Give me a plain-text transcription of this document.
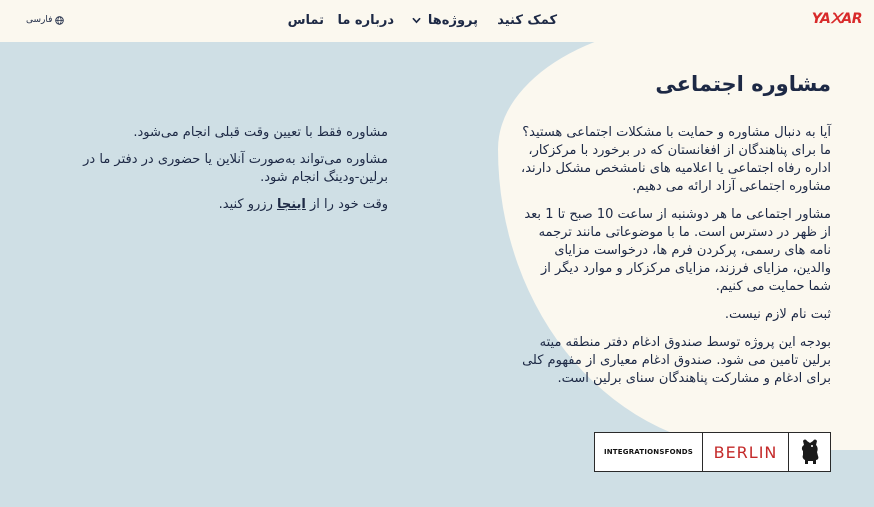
YA᙭AR
کمک کنید
پروژه‌ها
درباره ما
تماس
فارسی
مشاوره اجتماعی

آیا به دنبال مشاوره و حمایت با مشکلات اجتماعی هستید؟ ما برای پناهندگان از افغانستان که در برخورد با مرکزکار، اداره رفاه اجتماعی یا اعلامیه های نامشخص مشکل دارند، مشاوره اجتماعی آزاد ارائه می دهیم.

مشاور اجتماعی ما هر دوشنبه از ساعت 10 صبح تا 1 بعد از ظهر در دسترس است. ما با موضوعاتی مانند ترجمه نامه های رسمی، پرکردن فرم ها، درخواست مزایای والدین، مزایای فرزند، مزایای مرکزکار و موارد دیگر از شما حمایت می کنیم.

ثبت نام لازم نیست.

بودجه این پروژه توسط صندوق ادغام دفتر منطقه میته برلین تامین می شود. صندوق ادغام معیاری از مفهوم کلی برای ادغام و مشارکت پناهندگان سنای برلین است.

مشاوره فقط با تعیین وقت قبلی انجام می‌شود.

مشاوره می‌تواند به‌صورت آنلاین یا حضوری در دفتر ما در برلین-ودینگ انجام شود.

وقت خود را از اینجا رزرو کنید.

INTEGRATIONSFONDS	BERLIN
